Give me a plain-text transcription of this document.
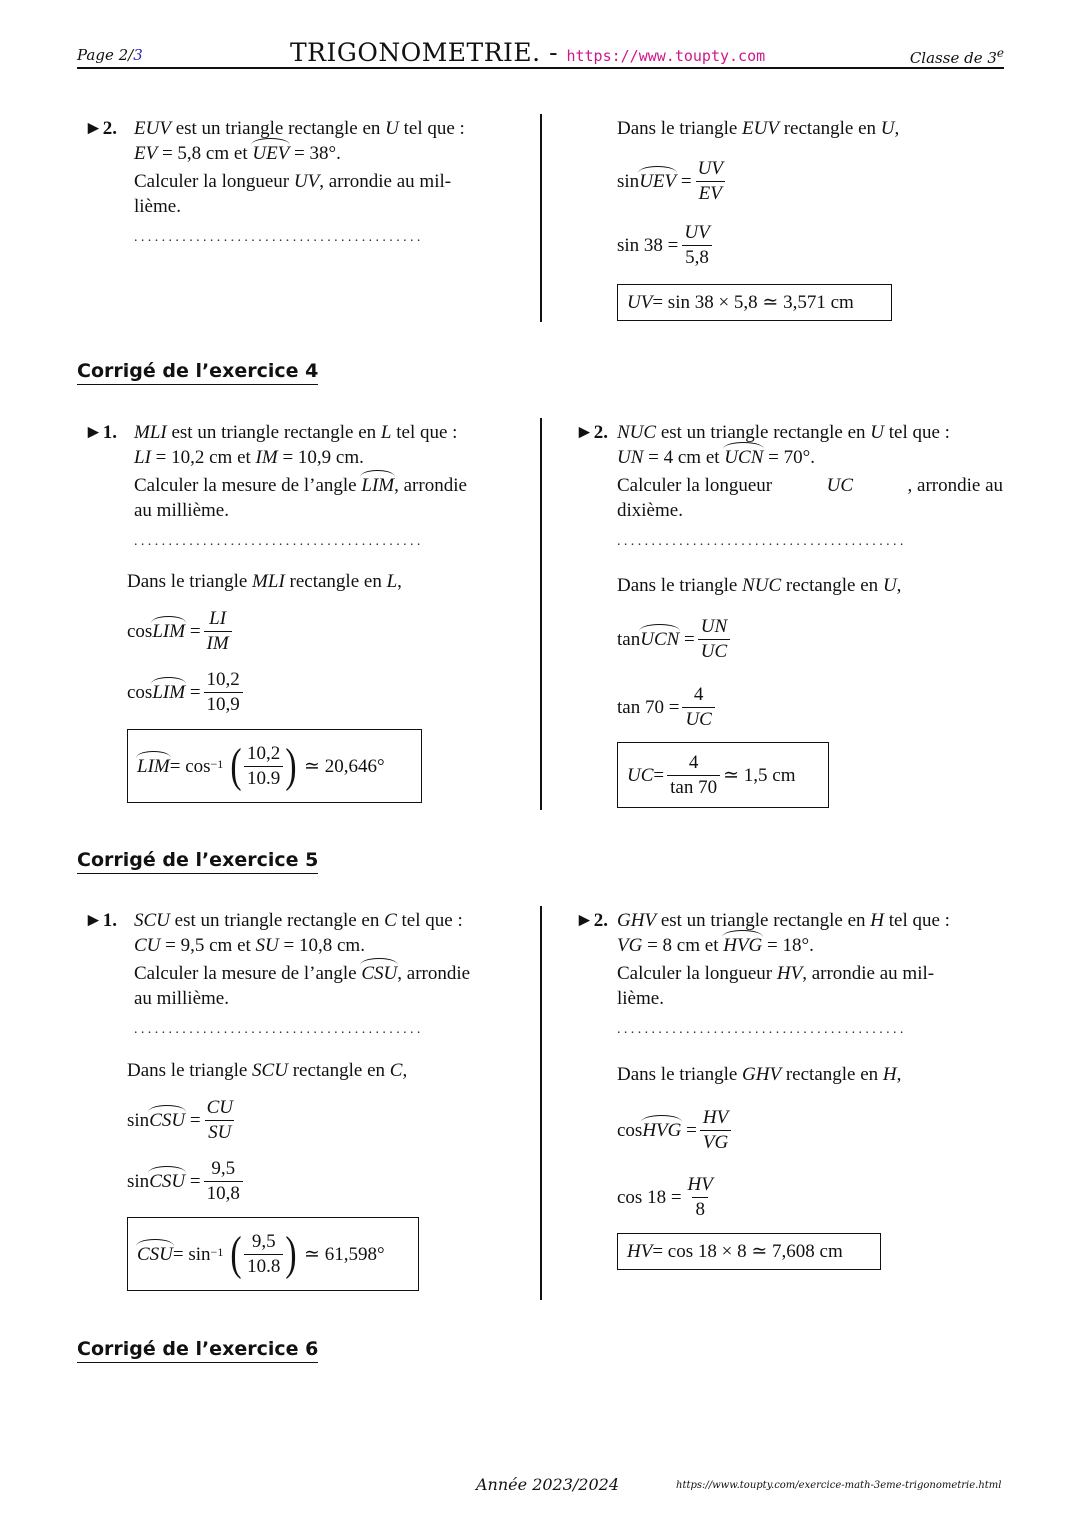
Page 2/3	TRIGONOMETRIE. - https://www.toupty.com	Classe de 3e
►2. EUV est un triangle rectangle en U tel que :
EV = 5,8 cm et UEV = 38°.
Calculer la longueur UV, arrondie au mil-
lième.
..........................................
Dans le triangle EUV rectangle en U,
sin UEV = $\frac{UV}{EV}$
$\sin 38 = \frac{UV}{5,8}$
UV = sin 38 × 5,8 ≃ 3,571 cm
Corrigé de l’exercice 4
►1. MLI est un triangle rectangle en L tel que :
LI = 10,2 cm et IM = 10,9 cm.
Calculer la mesure de l’angle LIM, arrondie
au millième.
..........................................
Dans le triangle MLI rectangle en L,
cos LIM = $\frac{LI}{IM}$
cos LIM = $\frac{10,2}{10,9}$
LIM = cos −1
( $\frac{10,2}{10.9}$ )
≃ 20,646°
►2. NUC est un triangle rectangle en U tel que :
UN = 4 cm et UCN = 70°.
Calculer la longueur	UC	, arrondie au
dixième.
..........................................
Dans le triangle NUC rectangle en U,
tan UCN = $\frac{UN}{UC}$
$\tan 70 = \frac{4}{UC}$
UC = $\frac{4}{\tan 70}$ ≃ 1,5 cm
Corrigé de l’exercice 5
►1. SCU est un triangle rectangle en C tel que :
CU = 9,5 cm et SU = 10,8 cm.
Calculer la mesure de l’angle CSU, arrondie
au millième.
..........................................
Dans le triangle SCU rectangle en C,
sin CSU = $\frac{CU}{SU}$
sin CSU = $\frac{9,5}{10,8}$
CSU = sin −1
( $\frac{9,5}{10.8}$ )
≃ 61,598°
►2. GHV est un triangle rectangle en H tel que :
VG = 8 cm et HVG = 18°.
Calculer la longueur HV, arrondie au mil-
lième.
..........................................
Dans le triangle GHV rectangle en H,
cos HVG = $\frac{HV}{VG}$
$\cos 18 = \frac{HV}{8}$
HV = cos 18 × 8 ≃ 7,608 cm
Corrigé de l’exercice 6
Année 2023/2024	https://www.toupty.com/exercice-math-3eme-trigonometrie.html
